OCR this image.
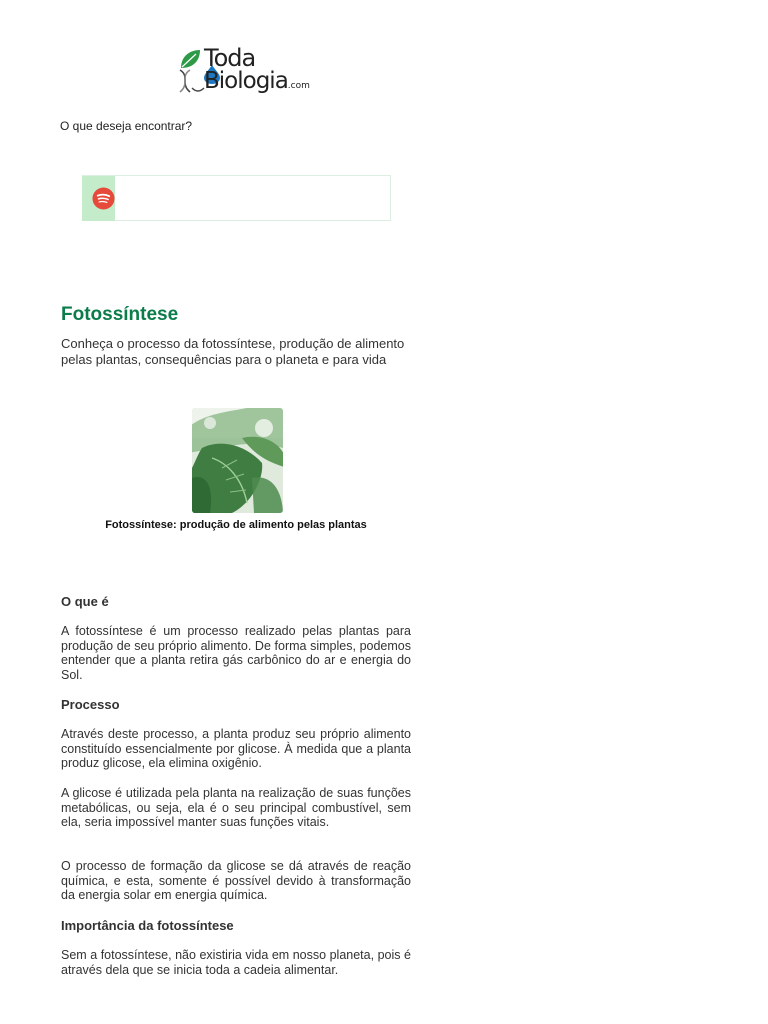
Toda
Biologia.com
O que deseja encontrar?
Fotossíntese

Conheça o processo da fotossíntese, produção de alimento pelas plantas, consequências para o planeta e para vida

Fotossíntese: produção de alimento pelas plantas
O que é

A fotossíntese é um processo realizado pelas plantas para produção de seu próprio alimento. De forma simples, podemos entender que a planta retira gás carbônico do ar e energia do Sol.

Processo

Através deste processo, a planta produz seu próprio alimento constituído essencialmente por glicose. À medida que a planta produz glicose, ela elimina oxigênio.

A glicose é utilizada pela planta na realização de suas funções metabólicas, ou seja, ela é o seu principal combustível, sem ela, seria impossível manter suas funções vitais.

O processo de formação da glicose se dá através de reação química, e esta, somente é possível devido à transformação da energia solar em energia química.

Importância da fotossíntese

Sem a fotossíntese, não existiria vida em nosso planeta, pois é através dela que se inicia toda a cadeia alimentar.
